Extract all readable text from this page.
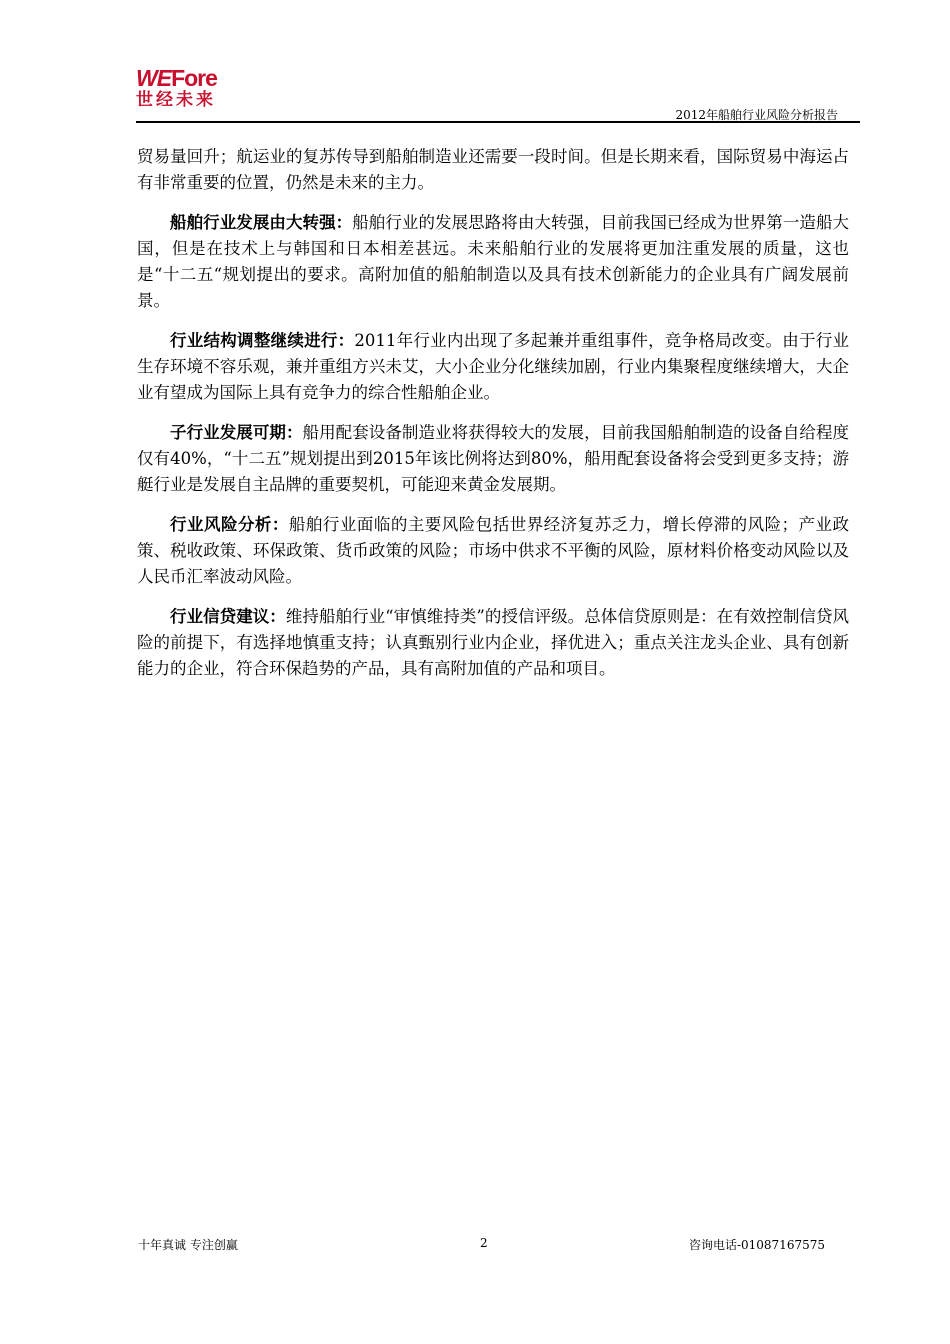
WEFore
世经未来
2012年船舶行业风险分析报告

贸易量回升；航运业的复苏传导到船舶制造业还需要一段时间。但是长期来看，国际贸易中海运占有非常重要的位置，仍然是未来的主力。

船舶行业发展由大转强：船舶行业的发展思路将由大转强，目前我国已经成为世界第一造船大国，但是在技术上与韩国和日本相差甚远。未来船舶行业的发展将更加注重发展的质量，这也是“十二五“规划提出的要求。高附加值的船舶制造以及具有技术创新能力的企业具有广阔发展前景。

行业结构调整继续进行：2011年行业内出现了多起兼并重组事件，竞争格局改变。由于行业生存环境不容乐观，兼并重组方兴未艾，大小企业分化继续加剧，行业内集聚程度继续增大，大企业有望成为国际上具有竞争力的综合性船舶企业。

子行业发展可期：船用配套设备制造业将获得较大的发展，目前我国船舶制造的设备自给程度仅有40%，“十二五”规划提出到2015年该比例将达到80%，船用配套设备将会受到更多支持；游艇行业是发展自主品牌的重要契机，可能迎来黄金发展期。

行业风险分析：船舶行业面临的主要风险包括世界经济复苏乏力，增长停滞的风险；产业政策、税收政策、环保政策、货币政策的风险；市场中供求不平衡的风险，原材料价格变动风险以及人民币汇率波动风险。

行业信贷建议：维持船舶行业“审慎维持类”的授信评级。总体信贷原则是：在有效控制信贷风险的前提下，有选择地慎重支持；认真甄别行业内企业，择优进入；重点关注龙头企业、具有创新能力的企业，符合环保趋势的产品，具有高附加值的产品和项目。

十年真诚 专注创赢	2	咨询电话-01087167575
